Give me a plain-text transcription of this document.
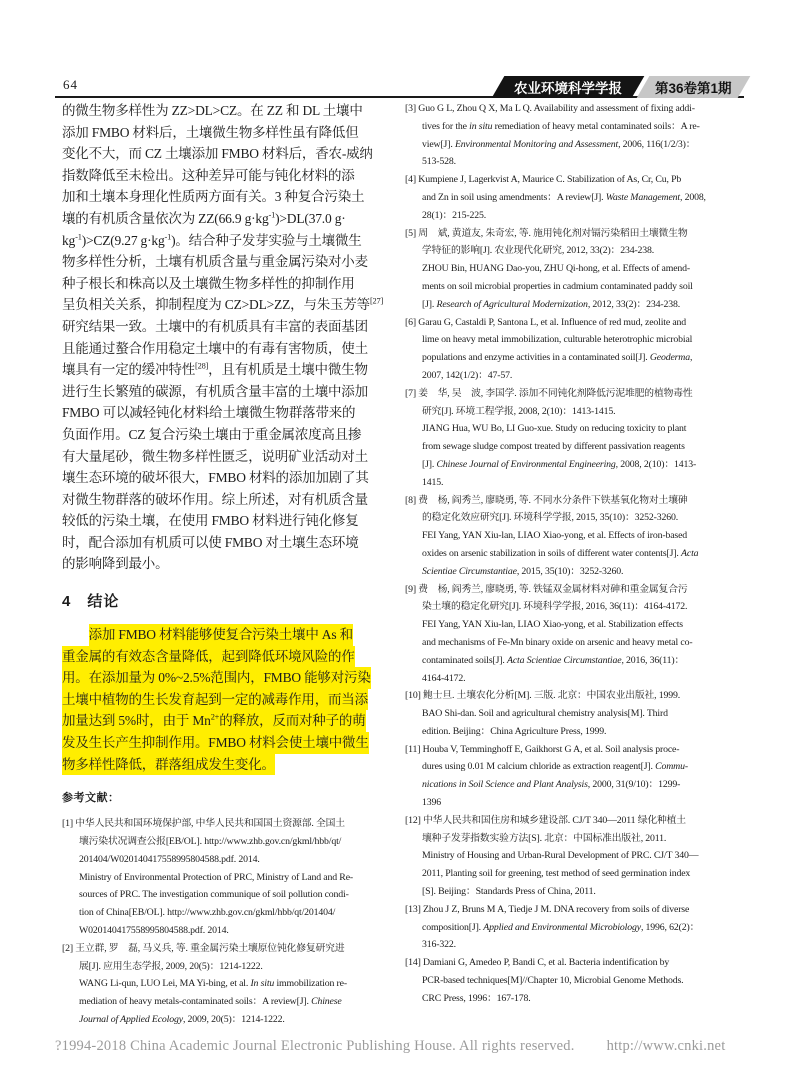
64	农业环境科学学报 第36卷第1期
的微生物多样性为 ZZ>DL>CZ。在 ZZ 和 DL 土壤中
添加 FMBO 材料后，土壤微生物多样性虽有降低但
变化不大，而 CZ 土壤添加 FMBO 材料后，香农-威纳
指数降低至未检出。这种差异可能与钝化材料的添
加和土壤本身理化性质两方面有关。3 种复合污染土
壤的有机质含量依次为 ZZ(66.9 $g\cdot kg^{-1})>DL(37.0$ g·
$kg^{-1})>CZ(9.27$ $g\cdot kg^{-1}$)。结合种子发芽实验与土壤微生
物多样性分析，土壤有机质含量与重金属污染对小麦
种子根长和株高以及土壤微生物多样性的抑制作用
呈负相关关系，抑制程度为 CZ>DL>ZZ，与朱玉芳等[27]
研究结果一致。土壤中的有机质具有丰富的表面基团
且能通过螯合作用稳定土壤中的有毒有害物质，使土
壤具有一定的缓冲特性[28]，且有机质是土壤中微生物
进行生长繁殖的碳源，有机质含量丰富的土壤中添加
FMBO 可以减轻钝化材料给土壤微生物群落带来的
负面作用。CZ 复合污染土壤由于重金属浓度高且掺
有大量尾砂，微生物多样性匮乏，说明矿业活动对土
壤生态环境的破坏很大，FMBO 材料的添加加剧了其
对微生物群落的破坏作用。综上所述，对有机质含量
较低的污染土壤，在使用 FMBO 材料进行钝化修复
时，配合添加有机质可以使 FMBO 对土壤生态环境
的影响降到最小。
4　结论
　　添加 FMBO 材料能够使复合污染土壤中 As 和
重金属的有效态含量降低，起到降低环境风险的作
用。在添加量为 0%~2.5%范围内，FMBO 能够对污染
土壤中植物的生长发育起到一定的减毒作用，而当添
加量达到 5%时，由于 $Mn^{2+}$的释放，反而对种子的萌
发及生长产生抑制作用。FMBO 材料会使土壤中微生
物多样性降低，群落组成发生变化。
参考文献：
[1] 中华人民共和国环境保护部, 中华人民共和国国土资源部. 全国土
壤污染状况调查公报[EB/OL]. http://www.zhb.gov.cn/gkml/hbb/qt/
201404/W020140417558995804588.pdf. 2014.
Ministry of Environmental Protection of PRC, Ministry of Land and Re-
sources of PRC. The investigation communique of soil pollution condi-
tion of China[EB/OL]. http://www.zhb.gov.cn/gkml/hbb/qt/201404/
W020140417558995804588.pdf. 2014.
[2] 王立群, 罗　磊, 马义兵, 等. 重金属污染土壤原位钝化修复研究进
展[J]. 应用生态学报, 2009, 20(5)：1214-1222.
WANG Li-qun, LUO Lei, MA Yi-bing, et al. In situ immobilization re-
mediation of heavy metals-contaminated soils：A review[J]. Chinese
Journal of Applied Ecology, 2009, 20(5)：1214-1222.
[3] Guo G L, Zhou Q X, Ma L Q. Availability and assessment of fixing addi-
tives for the in situ remediation of heavy metal contaminated soils：A re-
view[J]. Environmental Monitoring and Assessment, 2006, 116(1/2/3)：
513-528.
[4] Kumpiene J, Lagerkvist A, Maurice C. Stabilization of As, Cr, Cu, Pb
and Zn in soil using amendments：A review[J]. Waste Management, 2008,
28(1)：215-225.
[5] 周　斌, 黄道友, 朱奇宏, 等. 施用钝化剂对镉污染稻田土壤微生物
学特征的影响[J]. 农业现代化研究, 2012, 33(2)：234-238.
ZHOU Bin, HUANG Dao-you, ZHU Qi-hong, et al. Effects of amend-
ments on soil microbial properties in cadmium contaminated paddy soil
[J]. Research of Agricultural Modernization, 2012, 33(2)：234-238.
[6] Garau G, Castaldi P, Santona L, et al. Influence of red mud, zeolite and
lime on heavy metal immobilization, culturable heterotrophic microbial
populations and enzyme activities in a contaminated soil[J]. Geoderma,
2007, 142(1/2)：47-57.
[7] 姜　华, 吴　波, 李国学. 添加不同钝化剂降低污泥堆肥的植物毒性
研究[J]. 环境工程学报, 2008, 2(10)：1413-1415.
JIANG Hua, WU Bo, LI Guo-xue. Study on reducing toxicity to plant
from sewage sludge compost treated by different passivation reagents
[J]. Chinese Journal of Environmental Engineering, 2008, 2(10)：1413-
1415.
[8] 费　杨, 阎秀兰, 廖晓勇, 等. 不同水分条件下铁基氧化物对土壤砷
的稳定化效应研究[J]. 环境科学学报, 2015, 35(10)：3252-3260.
FEI Yang, YAN Xiu-lan, LIAO Xiao-yong, et al. Effects of iron-based
oxides on arsenic stabilization in soils of different water contents[J]. Acta
Scientiae Circumstantiae, 2015, 35(10)：3252-3260.
[9] 费　杨, 阎秀兰, 廖晓勇, 等. 铁锰双金属材料对砷和重金属复合污
染土壤的稳定化研究[J]. 环境科学学报, 2016, 36(11)：4164-4172.
FEI Yang, YAN Xiu-lan, LIAO Xiao-yong, et al. Stabilization effects
and mechanisms of Fe-Mn binary oxide on arsenic and heavy metal co-
contaminated soils[J]. Acta Scientiae Circumstantiae, 2016, 36(11)：
4164-4172.
[10] 鲍士旦. 土壤农化分析[M]. 三版. 北京：中国农业出版社, 1999.
BAO Shi-dan. Soil and agricultural chemistry analysis[M]. Third
edition. Beijing：China Agriculture Press, 1999.
[11] Houba V, Temminghoff E, Gaikhorst G A, et al. Soil analysis proce-
dures using 0.01 M calcium chloride as extraction reagent[J]. Commu-
nications in Soil Science and Plant Analysis, 2000, 31(9/10)：1299-
1396
[12] 中华人民共和国住房和城乡建设部. CJ/T 340—2011 绿化种植土
壤种子发芽指数实验方法[S]. 北京：中国标准出版社, 2011.
Ministry of Housing and Urban-Rural Development of PRC. CJ/T 340—
2011, Planting soil for greening, test method of seed germination index
[S]. Beijing：Standards Press of China, 2011.
[13] Zhou J Z, Bruns M A, Tiedje J M. DNA recovery from soils of diverse
composition[J]. Applied and Environmental Microbiology, 1996, 62(2)：
316-322.
[14] Damiani G, Amedeo P, Bandi C, et al. Bacteria indentification by
PCR-based techniques[M]//Chapter 10, Microbial Genome Methods.
CRC Press, 1996：167-178.
?1994-2018 China Academic Journal Electronic Publishing House. All rights reserved. http://www.cnki.net
